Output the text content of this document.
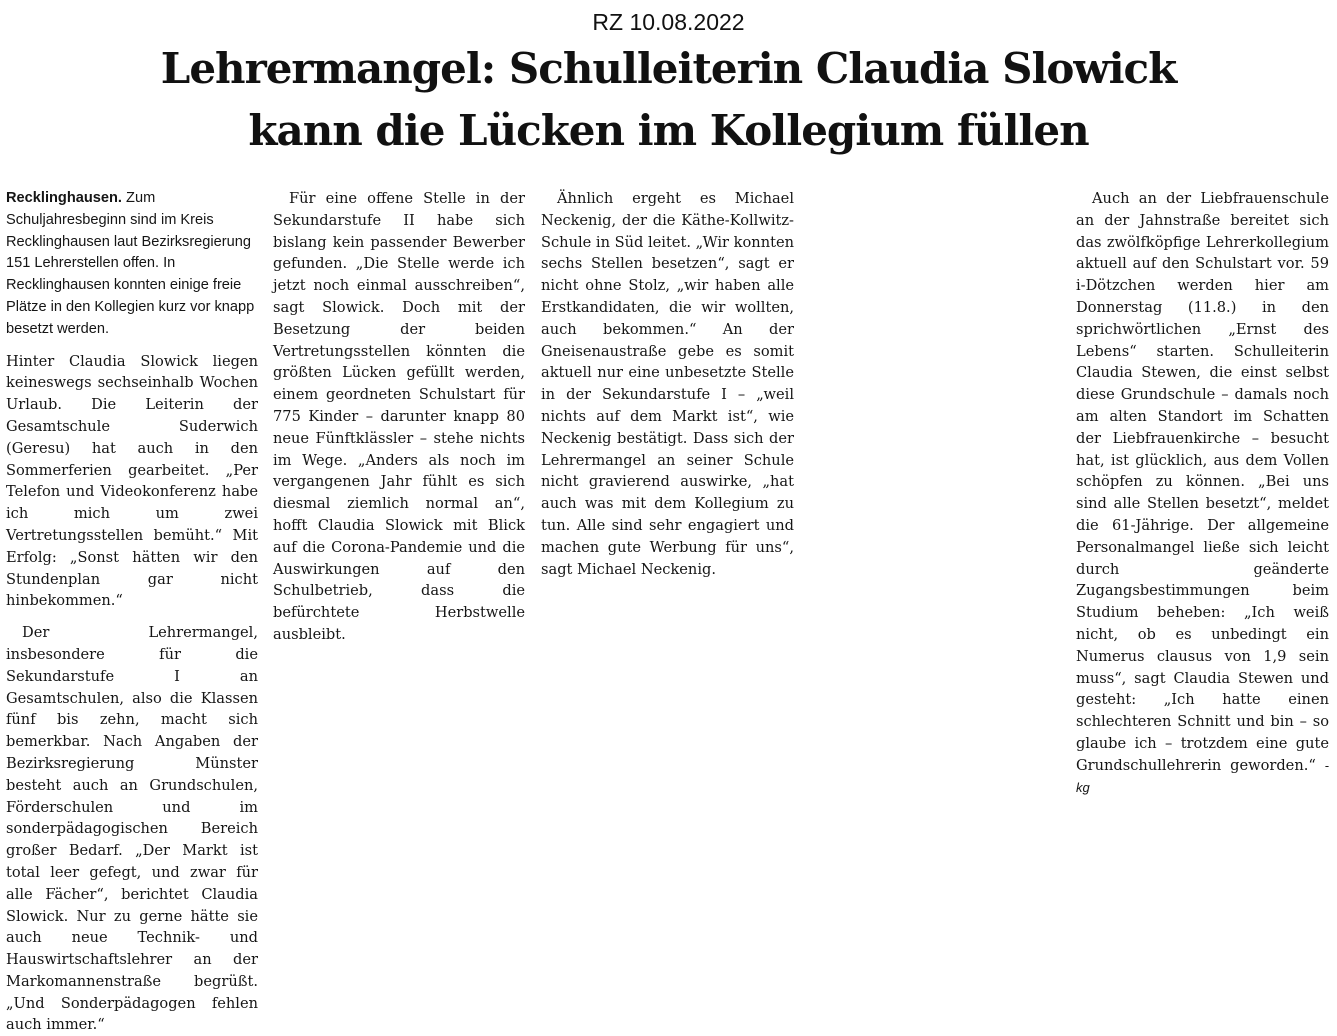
RZ 10.08.2022
Lehrermangel: Schulleiterin Claudia Slowick
kann die Lücken im Kollegium füllen

Recklinghausen. Zum Schuljahresbeginn sind im Kreis Recklinghausen laut Bezirksregierung 151 Lehrerstellen offen. In Recklinghausen konnten einige freie Plätze in den Kollegien kurz vor knapp besetzt werden.

Hinter Claudia Slowick liegen keineswegs sechseinhalb Wochen Urlaub. Die Leiterin der Gesamtschule Suderwich (Geresu) hat auch in den Sommerferien gearbeitet. „Per Telefon und Videokonferenz habe ich mich um zwei Vertretungsstellen bemüht.“ Mit Erfolg: „Sonst hätten wir den Stundenplan gar nicht hinbekommen.“

Der Lehrermangel, insbesondere für die Sekundarstufe I an Gesamtschulen, also die Klassen fünf bis zehn, macht sich bemerkbar. Nach Angaben der Bezirksregierung Münster besteht auch an Grundschulen, Förderschulen und im sonderpädagogischen Bereich großer Bedarf. „Der Markt ist total leer gefegt, und zwar für alle Fächer“, berichtet Claudia Slowick. Nur zu gerne hätte sie auch neue Technik- und Hauswirtschaftslehrer an der Markomannenstraße begrüßt. „Und Sonderpädagogen fehlen auch immer.“

Für eine offene Stelle in der Sekundarstufe II habe sich bislang kein passender Bewerber gefunden. „Die Stelle werde ich jetzt noch einmal ausschreiben“, sagt Slowick. Doch mit der Besetzung der beiden Vertretungsstellen könnten die größten Lücken gefüllt werden, einem geordneten Schulstart für 775 Kinder – darunter knapp 80 neue Fünftklässler – stehe nichts im Wege. „Anders als noch im vergangenen Jahr fühlt es sich diesmal ziemlich normal an“, hofft Claudia Slowick mit Blick auf die Corona-Pandemie und die Auswirkungen auf den Schulbetrieb, dass die befürchtete Herbstwelle ausbleibt.

Ähnlich ergeht es Michael Neckenig, der die Käthe-Kollwitz-Schule in Süd leitet. „Wir konnten sechs Stellen besetzen“, sagt er nicht ohne Stolz, „wir haben alle Erstkandidaten, die wir wollten, auch bekommen.“ An der Gneisenaustraße gebe es somit aktuell nur eine unbesetzte Stelle in der Sekundarstufe I – „weil nichts auf dem Markt ist“, wie Neckenig bestätigt. Dass sich der Lehrermangel an seiner Schule nicht gravierend auswirke, „hat auch was mit dem Kollegium zu tun. Alle sind sehr engagiert und machen gute Werbung für uns“, sagt Michael Neckenig.

Auch an der Liebfrauenschule an der Jahnstraße bereitet sich das zwölfköpfige Lehrerkollegium aktuell auf den Schulstart vor. 59 i-Dötzchen werden hier am Donnerstag (11.8.) in den sprichwörtlichen „Ernst des Lebens“ starten. Schulleiterin Claudia Stewen, die einst selbst diese Grundschule – damals noch am alten Standort im Schatten der Liebfrauenkirche – besucht hat, ist glücklich, aus dem Vollen schöpfen zu können. „Bei uns sind alle Stellen besetzt“, meldet die 61-Jährige. Der allgemeine Personalmangel ließe sich leicht durch geänderte Zugangsbestimmungen beim Studium beheben: „Ich weiß nicht, ob es unbedingt ein Numerus clausus von 1,9 sein muss“, sagt Claudia Stewen und gesteht: „Ich hatte einen schlechteren Schnitt und bin – so glaube ich – trotzdem eine gute Grundschullehrerin geworden.“ -kg
